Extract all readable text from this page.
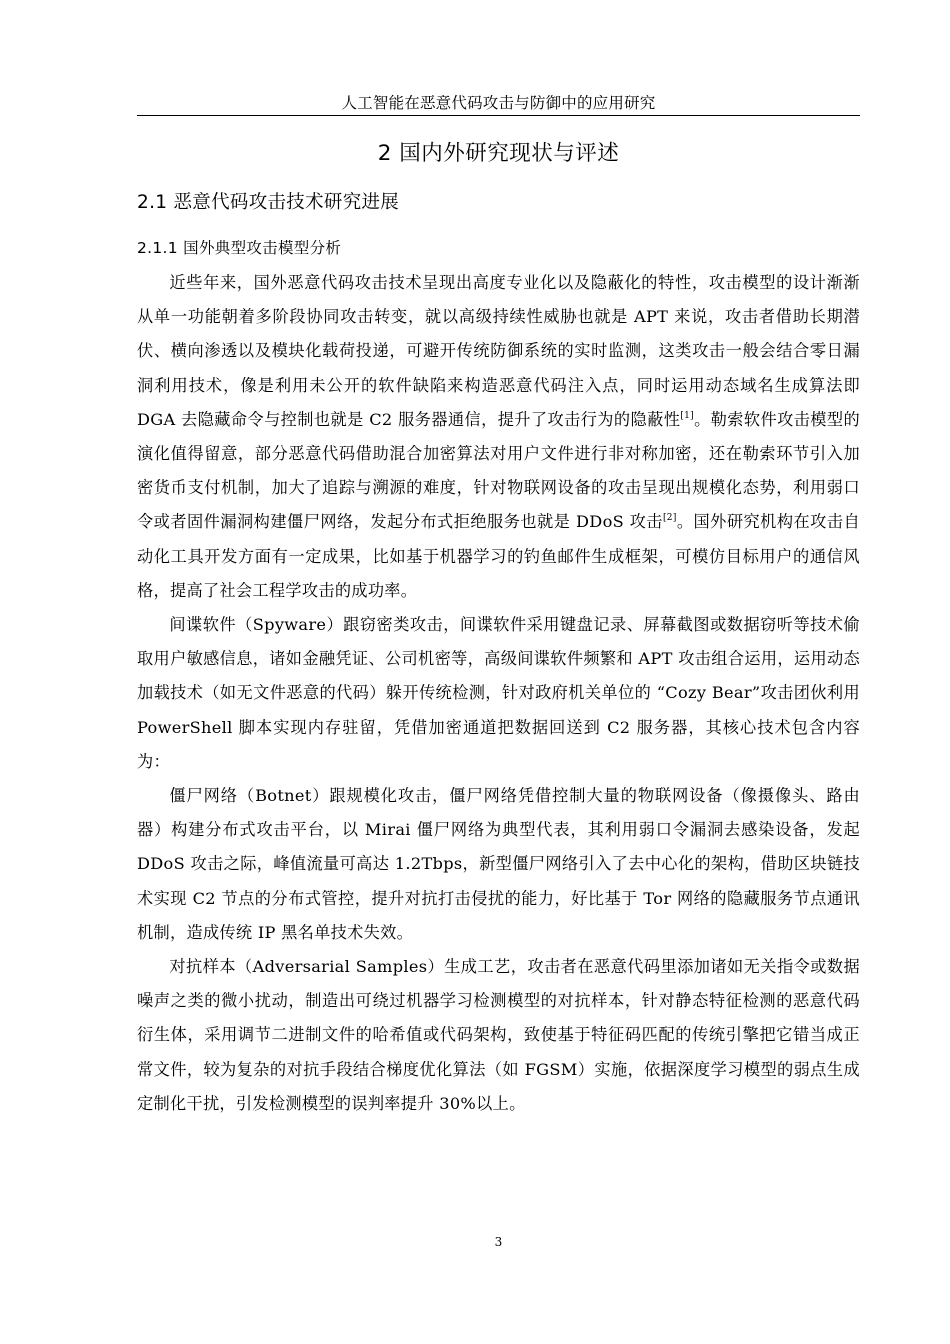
人工智能在恶意代码攻击与防御中的应用研究
2 国内外研究现状与评述
2.1 恶意代码攻击技术研究进展
2.1.1 国外典型攻击模型分析

近些年来，国外恶意代码攻击技术呈现出高度专业化以及隐蔽化的特性，攻击模型的设计渐渐从单一功能朝着多阶段协同攻击转变，就以高级持续性威胁也就是 APT 来说，攻击者借助长期潜伏、横向渗透以及模块化载荷投递，可避开传统防御系统的实时监测，这类攻击一般会结合零日漏洞利用技术，像是利用未公开的软件缺陷来构造恶意代码注入点，同时运用动态域名生成算法即 DGA 去隐藏命令与控制也就是 C2 服务器通信，提升了攻击行为的隐蔽性[1]。勒索软件攻击模型的演化值得留意，部分恶意代码借助混合加密算法对用户文件进行非对称加密，还在勒索环节引入加密货币支付机制，加大了追踪与溯源的难度，针对物联网设备的攻击呈现出规模化态势，利用弱口令或者固件漏洞构建僵尸网络，发起分布式拒绝服务也就是 DDoS 攻击[2]。国外研究机构在攻击自动化工具开发方面有一定成果，比如基于机器学习的钓鱼邮件生成框架，可模仿目标用户的通信风格，提高了社会工程学攻击的成功率。

间谍软件（Spyware）跟窃密类攻击，间谍软件采用键盘记录、屏幕截图或数据窃听等技术偷取用户敏感信息，诸如金融凭证、公司机密等，高级间谍软件频繁和 APT 攻击组合运用，运用动态加载技术（如无文件恶意的代码）躲开传统检测，针对政府机关单位的 “Cozy Bear”攻击团伙利用 PowerShell 脚本实现内存驻留，凭借加密通道把数据回送到 C2 服务器，其核心技术包含内容为：

僵尸网络（Botnet）跟规模化攻击，僵尸网络凭借控制大量的物联网设备（像摄像头、路由器）构建分布式攻击平台，以 Mirai 僵尸网络为典型代表，其利用弱口令漏洞去感染设备，发起 DDoS 攻击之际，峰值流量可高达 1.2Tbps，新型僵尸网络引入了去中心化的架构，借助区块链技术实现 C2 节点的分布式管控，提升对抗打击侵扰的能力，好比基于 Tor 网络的隐藏服务节点通讯机制，造成传统 IP 黑名单技术失效。

对抗样本（Adversarial Samples）生成工艺，攻击者在恶意代码里添加诸如无关指令或数据噪声之类的微小扰动，制造出可绕过机器学习检测模型的对抗样本，针对静态特征检测的恶意代码衍生体，采用调节二进制文件的哈希值或代码架构，致使基于特征码匹配的传统引擎把它错当成正常文件，较为复杂的对抗手段结合梯度优化算法（如 FGSM）实施，依据深度学习模型的弱点生成定制化干扰，引发检测模型的误判率提升 30%以上。

3
